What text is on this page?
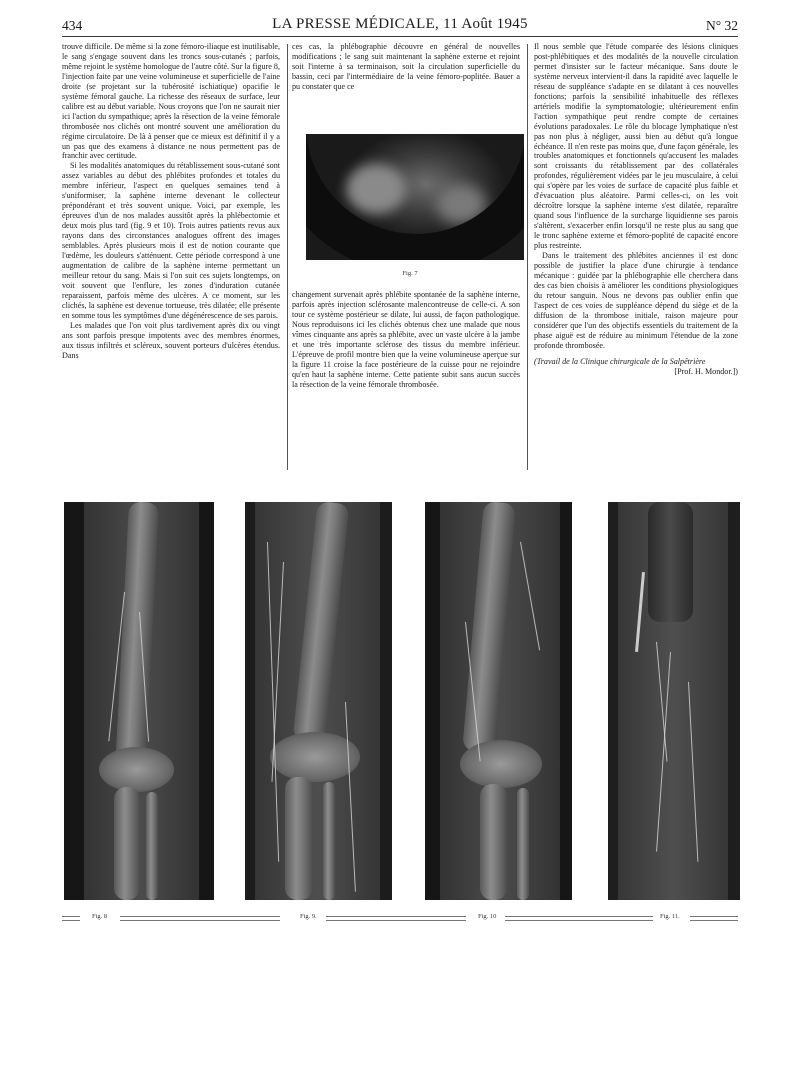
434	LA PRESSE MÉDICALE, 11 Août 1945	N° 32

trouve difficile. De même si la zone fémoro-iliaque est inutilisable, le sang s'engage souvent dans les troncs sous-cutanés ; parfois, même rejoint le système homologue de l'autre côté. Sur la figure 8, l'injection faite par une veine volumineuse et superficielle de l'aine droite (se projetant sur la tubérosité ischiatique) opacifie le système fémoral gauche. La richesse des réseaux de surface, leur calibre est au début variable. Nous croyons que l'on ne saurait nier ici l'action du sympathique; après la résection de la veine fémorale thrombosée nos clichés ont montré souvent une amélioration du régime circulatoire. De là à penser que ce mieux est définitif il y a un pas que des examens à distance ne nous permettent pas de franchir avec certitude.

Si les modalités anatomiques du rétablissement sous-cutané sont assez variables au début des phlébites profondes et totales du membre inférieur, l'aspect en quelques semaines tend à s'uniformiser, la saphène interne devenant le collecteur prépondérant et très souvent unique. Voici, par exemple, les épreuves d'un de nos malades aussitôt après la phlébectomie et deux mois plus tard (fig. 9 et 10). Trois autres patients revus aux rayons dans des circonstances analogues offrent des images semblables. Après plusieurs mois il est de notion courante que l'œdème, les douleurs s'atténuent. Cette période correspond à une augmentation de calibre de la saphène interne permettant un meilleur retour du sang. Mais si l'on suit ces sujets longtemps, on voit souvent que l'enflure, les zones d'induration cutanée reparaissent, parfois même des ulcères. A ce moment, sur les clichés, la saphène est devenue tortueuse, très dilatée; elle présente en somme tous les symptômes d'une dégénérescence de ses parois.

Les malades que l'on voit plus tardivement après dix ou vingt ans sont parfois presque impotents avec des membres énormes, aux tissus infiltrés et scléreux, souvent porteurs d'ulcères étendus. Dans

ces cas, la phlébographie découvre en général de nouvelles modifications ; le sang suit maintenant la saphène externe et rejoint soit l'interne à sa terminaison, soit la circulation superficielle du bassin, ceci par l'intermédiaire de la veine fémoro-poplitée. Bauer a pu constater que ce

Fig. 7

changement survenait après phlébite spontanée de la saphène interne, parfois après injection sclérosante malencontreuse de celle-ci. A son tour ce système postérieur se dilate, lui aussi, de façon pathologique. Nous reproduisons ici les clichés obtenus chez une malade que nous vîmes cinquante ans après sa phlébite, avec un vaste ulcère à la jambe et une très importante sclérose des tissus du membre inférieur. L'épreuve de profil montre bien que la veine volumineuse aperçue sur la figure 11 croise la face postérieure de la cuisse pour ne rejoindre qu'en haut la saphène interne. Cette patiente subit sans aucun succès la résection de la veine fémorale thrombosée.

Il nous semble que l'étude comparée des lésions cliniques post-phlébitiques et des modalités de la nouvelle circulation permet d'insister sur le facteur mécanique. Sans doute le système nerveux intervient-il dans la rapidité avec laquelle le réseau de suppléance s'adapte en se dilatant à ces nouvelles fonctions; parfois la sensibilité inhabituelle des réflexes artériels modifie la symptomatologie; ultérieurement enfin l'action sympathique peut rendre compte de certaines évolutions paradoxales. Le rôle du blocage lymphatique n'est pas non plus à négliger, aussi bien au début qu'à longue échéance. Il n'en reste pas moins que, d'une façon générale, les troubles anatomiques et fonctionnels qu'accusent les malades sont croissants du rétablissement par des collatérales profondes, régulièrement vidées par le jeu musculaire, à celui qui s'opère par les voies de surface de capacité plus faible et d'évacuation plus aléatoire. Parmi celles-ci, on les voit décroître lorsque la saphène interne s'est dilatée, reparaître quand sous l'influence de la surcharge liquidienne ses parois s'altèrent, s'exacerber enfin lorsqu'il ne reste plus au sang que le tronc saphène externe et fémoro-poplité de capacité encore plus restreinte.

Dans le traitement des phlébites anciennes il est donc possible de justifier la place d'une chirurgie à tendance mécanique : guidée par la phlébographie elle cherchera dans des cas bien choisis à améliorer les conditions physiologiques du retour sanguin. Nous ne devons pas oublier enfin que l'aspect de ces voies de suppléance dépend du siège et de la diffusion de la thrombose initiale, raison majeure pour considérer que l'un des objectifs essentiels du traitement de la phase aiguë est de réduire au minimum l'étendue de la zone profonde thrombosée.

(Travail de la Clinique chirurgicale de la Salpêtrière

[Prof. H. Mondor.])

Fig. 8	Fig. 9.	Fig. 10	Fig. 11.
